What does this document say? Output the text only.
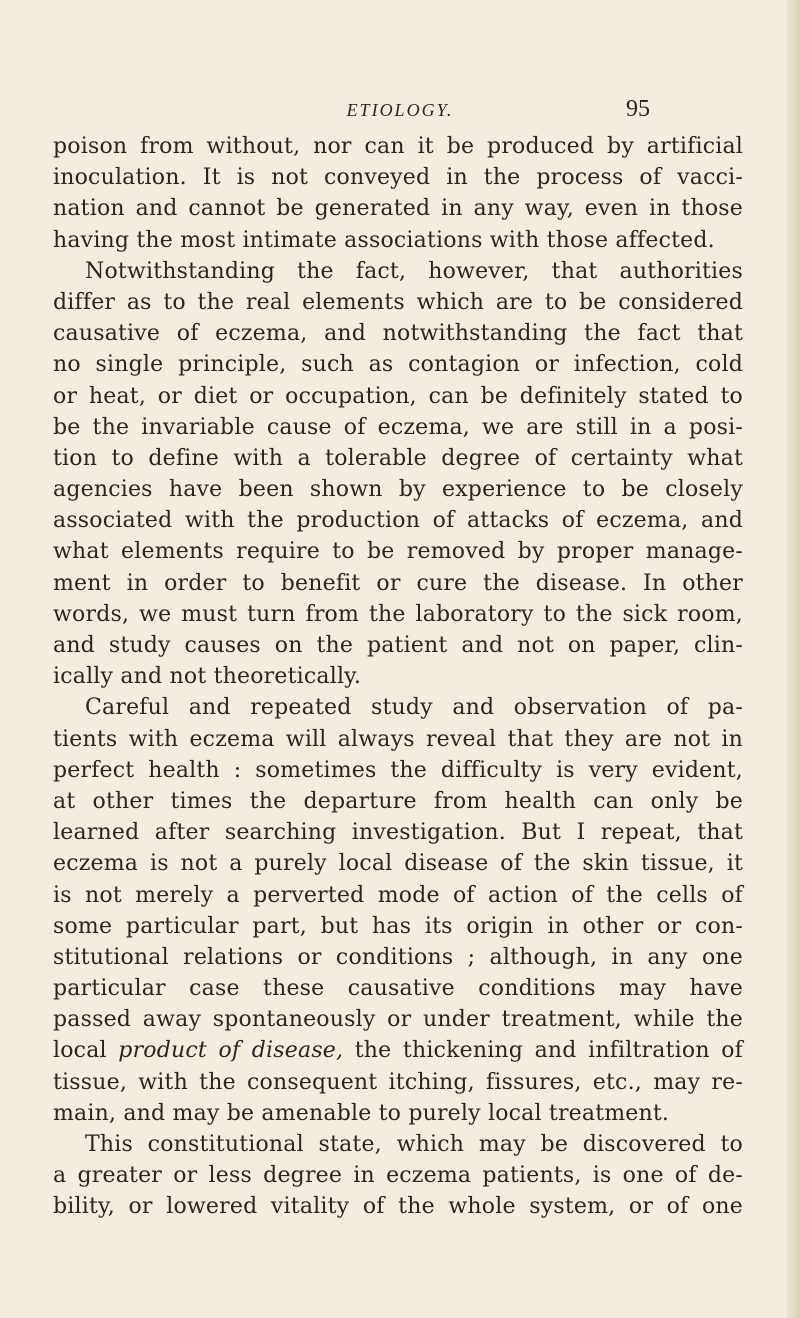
ETIOLOGY.	95
poison from without, nor can it be produced by artificial
inoculation. It is not conveyed in the process of vacci-
nation and cannot be generated in any way, even in those
having the most intimate associations with those affected.
Notwithstanding the fact, however, that authorities
differ as to the real elements which are to be considered
causative of eczema, and notwithstanding the fact that
no single principle, such as contagion or infection, cold
or heat, or diet or occupation, can be definitely stated to
be the invariable cause of eczema, we are still in a posi-
tion to define with a tolerable degree of certainty what
agencies have been shown by experience to be closely
associated with the production of attacks of eczema, and
what elements require to be removed by proper manage-
ment in order to benefit or cure the disease. In other
words, we must turn from the laboratory to the sick room,
and study causes on the patient and not on paper, clin-
ically and not theoretically.
Careful and repeated study and observation of pa-
tients with eczema will always reveal that they are not in
perfect health : sometimes the difficulty is very evident,
at other times the departure from health can only be
learned after searching investigation. But I repeat, that
eczema is not a purely local disease of the skin tissue, it
is not merely a perverted mode of action of the cells of
some particular part, but has its origin in other or con-
stitutional relations or conditions ; although, in any one
particular case these causative conditions may have
passed away spontaneously or under treatment, while the
local product of disease, the thickening and infiltration of
tissue, with the consequent itching, fissures, etc., may re-
main, and may be amenable to purely local treatment.
This constitutional state, which may be discovered to
a greater or less degree in eczema patients, is one of de-
bility, or lowered vitality of the whole system, or of one
